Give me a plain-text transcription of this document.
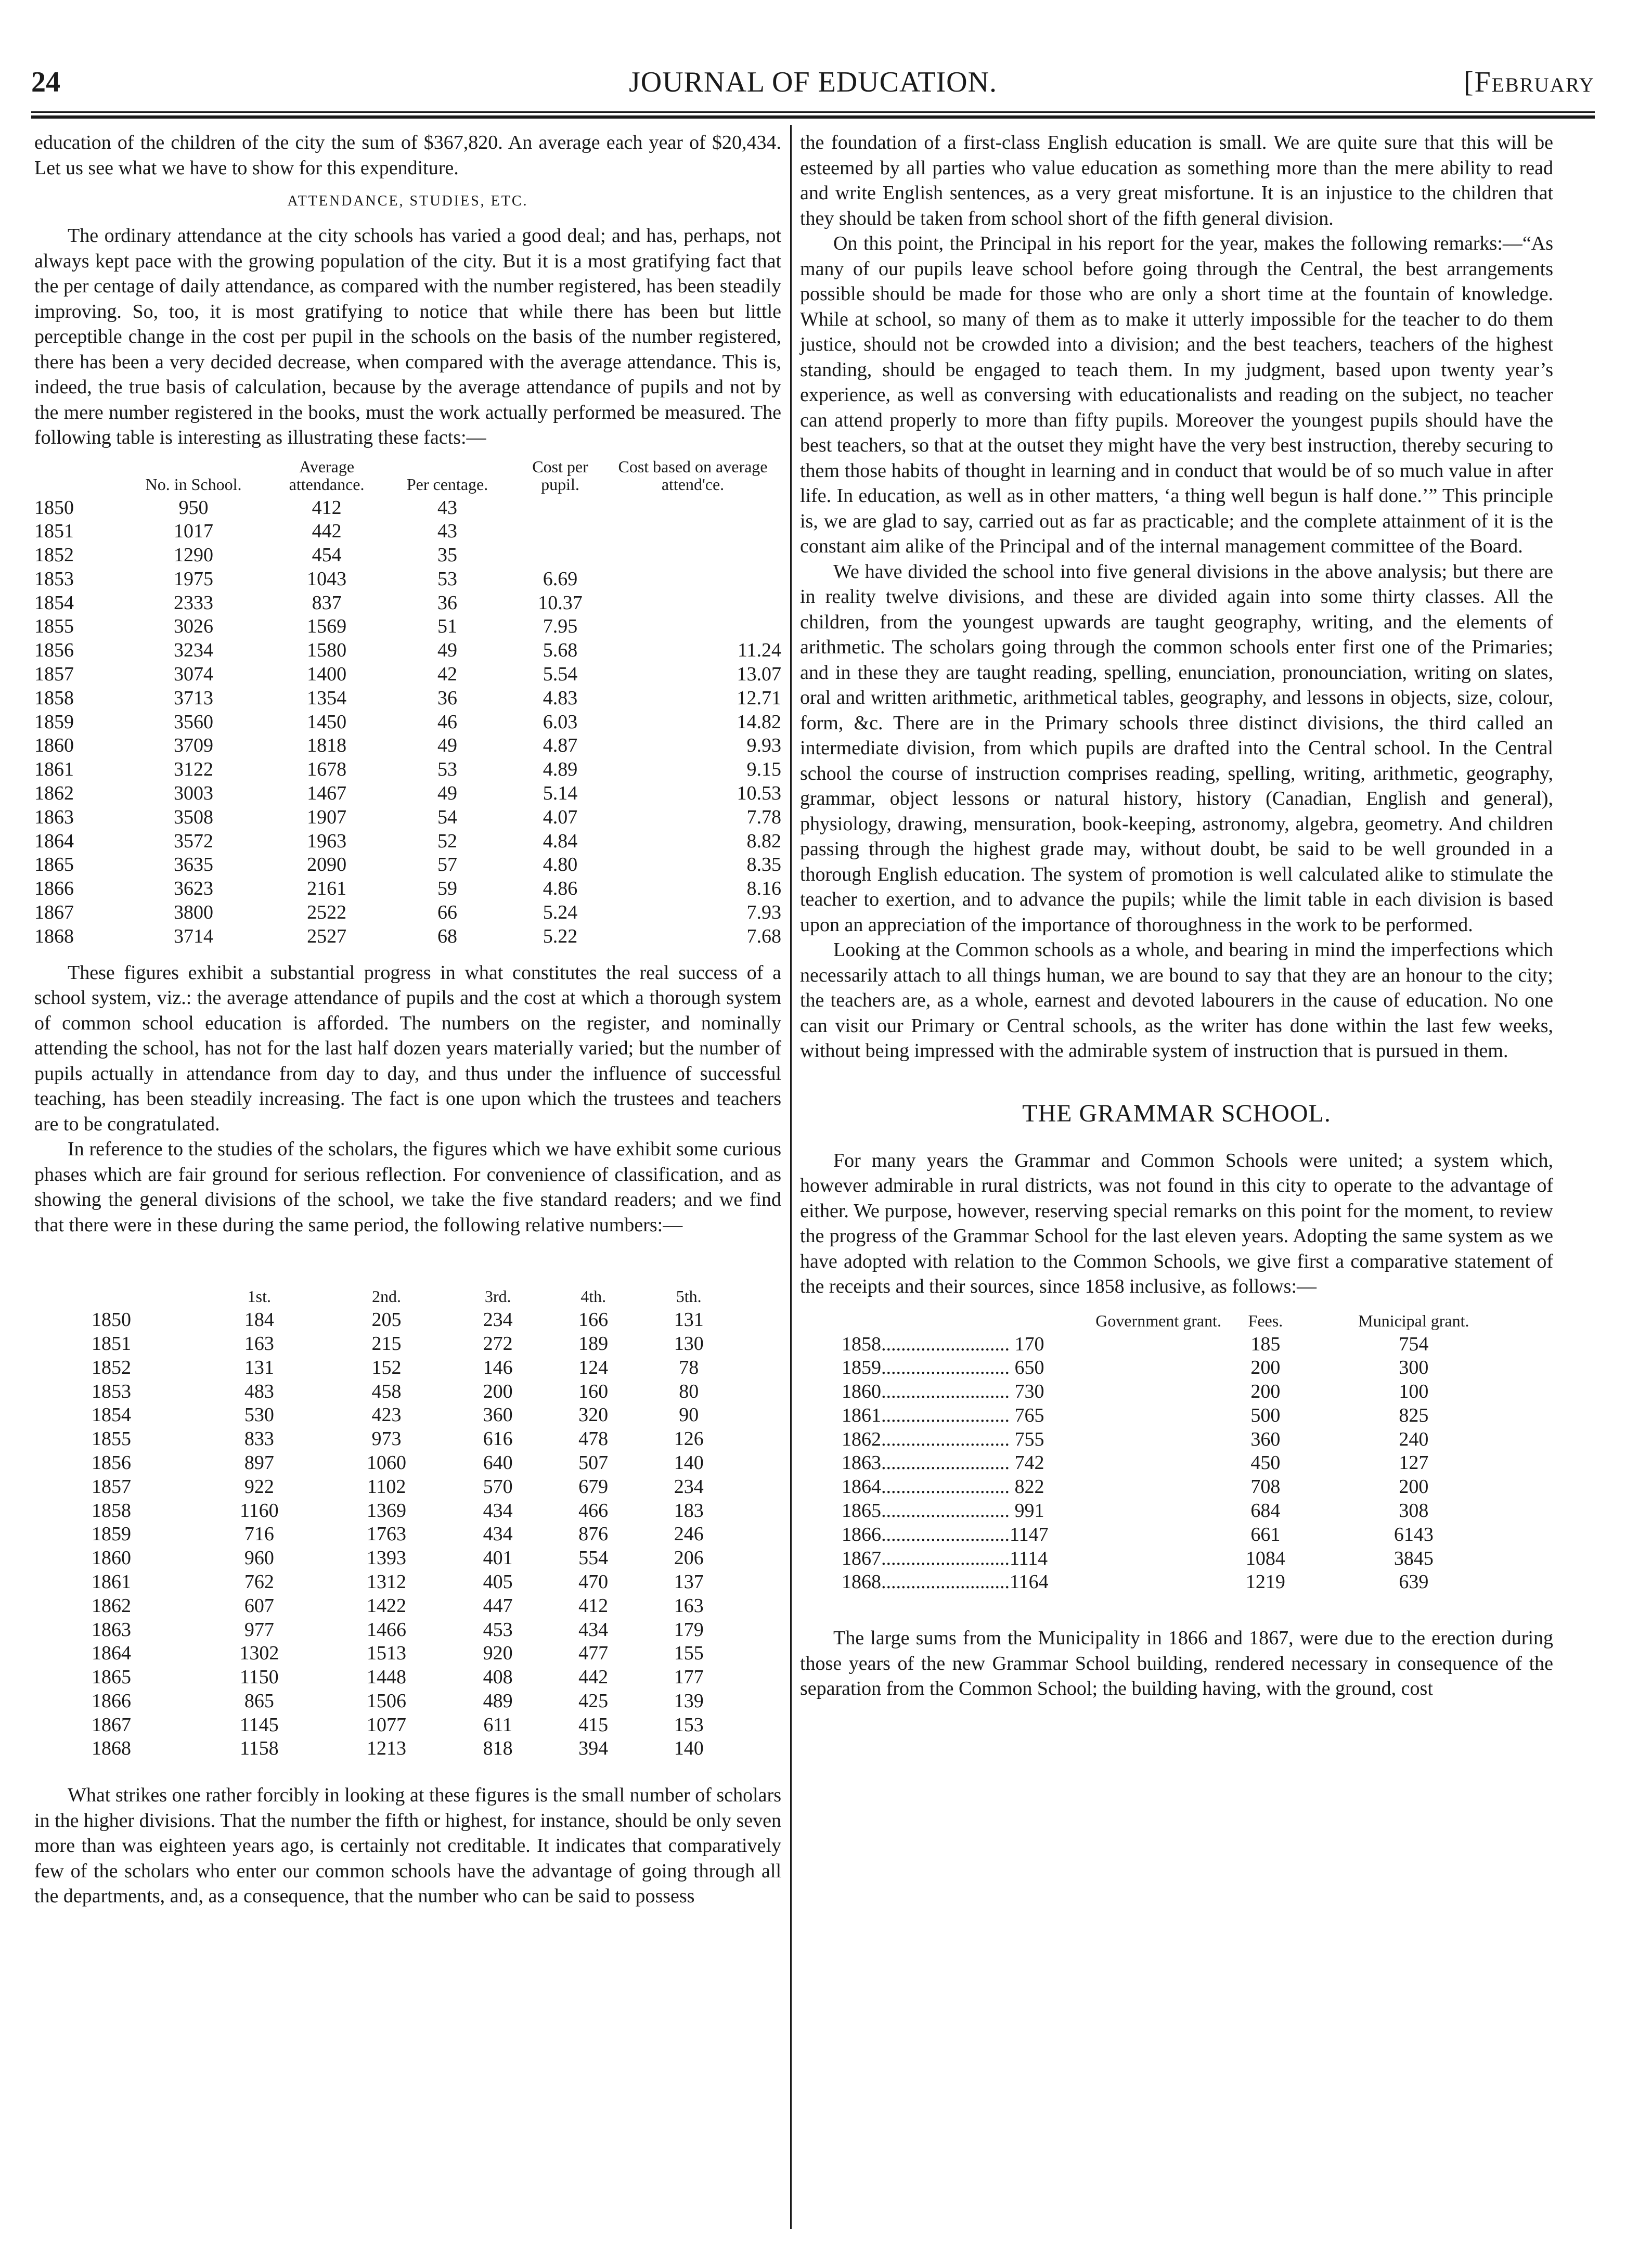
24	JOURNAL OF EDUCATION.	[February

education of the children of the city the sum of $367,820. An average each year of $20,434. Let us see what we have to show for this expenditure.

ATTENDANCE, STUDIES, ETC.

The ordinary attendance at the city schools has varied a good deal; and has, perhaps, not always kept pace with the growing population of the city. But it is a most gratifying fact that the per centage of daily attendance, as compared with the number registered, has been steadily improving. So, too, it is most gratifying to notice that while there has been but little perceptible change in the cost per pupil in the schools on the basis of the number registered, there has been a very decided decrease, when compared with the average attendance. This is, indeed, the true basis of calculation, because by the average attendance of pupils and not by the mere number registered in the books, must the work actually performed be measured. The following table is interesting as illustrating these facts:—

	No. in School.	Average attendance.	Per centage.	Cost per pupil.	Cost based on average attend'ce.
1850	950	412	43		
1851	1017	442	43		
1852	1290	454	35		
1853	1975	1043	53	6.69	
1854	2333	837	36	10.37	
1855	3026	1569	51	7.95	
1856	3234	1580	49	5.68	11.24
1857	3074	1400	42	5.54	13.07
1858	3713	1354	36	4.83	12.71
1859	3560	1450	46	6.03	14.82
1860	3709	1818	49	4.87	9.93
1861	3122	1678	53	4.89	9.15
1862	3003	1467	49	5.14	10.53
1863	3508	1907	54	4.07	7.78
1864	3572	1963	52	4.84	8.82
1865	3635	2090	57	4.80	8.35
1866	3623	2161	59	4.86	8.16
1867	3800	2522	66	5.24	7.93
1868	3714	2527	68	5.22	7.68

These figures exhibit a substantial progress in what constitutes the real success of a school system, viz.: the average attendance of pupils and the cost at which a thorough system of common school education is afforded. The numbers on the register, and nominally attending the school, has not for the last half dozen years materially varied; but the number of pupils actually in attendance from day to day, and thus under the influence of successful teaching, has been steadily increasing. The fact is one upon which the trustees and teachers are to be congratulated.

In reference to the studies of the scholars, the figures which we have exhibit some curious phases which are fair ground for serious reflection. For convenience of classification, and as showing the general divisions of the school, we take the five standard readers; and we find that there were in these during the same period, the following relative numbers:—

	1st.	2nd.	3rd.	4th.	5th.
1850	184	205	234	166	131
1851	163	215	272	189	130
1852	131	152	146	124	78
1853	483	458	200	160	80
1854	530	423	360	320	90
1855	833	973	616	478	126
1856	897	1060	640	507	140
1857	922	1102	570	679	234
1858	1160	1369	434	466	183
1859	716	1763	434	876	246
1860	960	1393	401	554	206
1861	762	1312	405	470	137
1862	607	1422	447	412	163
1863	977	1466	453	434	179
1864	1302	1513	920	477	155
1865	1150	1448	408	442	177
1866	865	1506	489	425	139
1867	1145	1077	611	415	153
1868	1158	1213	818	394	140

What strikes one rather forcibly in looking at these figures is the small number of scholars in the higher divisions. That the number the fifth or highest, for instance, should be only seven more than was eighteen years ago, is certainly not creditable. It indicates that comparatively few of the scholars who enter our common schools have the advantage of going through all the departments, and, as a consequence, that the number who can be said to possess

the foundation of a first-class English education is small. We are quite sure that this will be esteemed by all parties who value education as something more than the mere ability to read and write English sentences, as a very great misfortune. It is an injustice to the children that they should be taken from school short of the fifth general division.

On this point, the Principal in his report for the year, makes the following remarks:—“As many of our pupils leave school before going through the Central, the best arrangements possible should be made for those who are only a short time at the fountain of knowledge. While at school, so many of them as to make it utterly impossible for the teacher to do them justice, should not be crowded into a division; and the best teachers, teachers of the highest standing, should be engaged to teach them. In my judgment, based upon twenty year’s experience, as well as conversing with educationalists and reading on the subject, no teacher can attend properly to more than fifty pupils. Moreover the youngest pupils should have the best teachers, so that at the outset they might have the very best instruction, thereby securing to them those habits of thought in learning and in conduct that would be of so much value in after life. In education, as well as in other matters, ‘a thing well begun is half done.’” This principle is, we are glad to say, carried out as far as practicable; and the complete attainment of it is the constant aim alike of the Principal and of the internal management committee of the Board.

We have divided the school into five general divisions in the above analysis; but there are in reality twelve divisions, and these are divided again into some thirty classes. All the children, from the youngest upwards are taught geography, writing, and the elements of arithmetic. The scholars going through the common schools enter first one of the Primaries; and in these they are taught reading, spelling, enunciation, pronounciation, writing on slates, oral and written arithmetic, arithmetical tables, geography, and lessons in objects, size, colour, form, &c. There are in the Primary schools three distinct divisions, the third called an intermediate division, from which pupils are drafted into the Central school. In the Central school the course of instruction comprises reading, spelling, writing, arithmetic, geography, grammar, object lessons or natural history, history (Canadian, English and general), physiology, drawing, mensuration, book-keeping, astronomy, algebra, geometry. And children passing through the highest grade may, without doubt, be said to be well grounded in a thorough English education. The system of promotion is well calculated alike to stimulate the teacher to exertion, and to advance the pupils; while the limit table in each division is based upon an appreciation of the importance of thoroughness in the work to be performed.

Looking at the Common schools as a whole, and bearing in mind the imperfections which necessarily attach to all things human, we are bound to say that they are an honour to the city; the teachers are, as a whole, earnest and devoted labourers in the cause of education. No one can visit our Primary or Central schools, as the writer has done within the last few weeks, without being impressed with the admirable system of instruction that is pursued in them.

THE GRAMMAR SCHOOL.

For many years the Grammar and Common Schools were united; a system which, however admirable in rural districts, was not found in this city to operate to the advantage of either. We purpose, however, reserving special remarks on this point for the moment, to review the progress of the Grammar School for the last eleven years. Adopting the same system as we have adopted with relation to the Common Schools, we give first a comparative statement of the receipts and their sources, since 1858 inclusive, as follows:—

Government grant.	Fees.	Municipal grant.
1858.......................... 170	185	754
1859.......................... 650	200	300
1860.......................... 730	200	100
1861.......................... 765	500	825
1862.......................... 755	360	240
1863.......................... 742	450	127
1864.......................... 822	708	200
1865.......................... 991	684	308
1866..........................1147	661	6143
1867..........................1114	1084	3845
1868..........................1164	1219	639

The large sums from the Municipality in 1866 and 1867, were due to the erection during those years of the new Grammar School building, rendered necessary in consequence of the separation from the Common School; the building having, with the ground, cost
